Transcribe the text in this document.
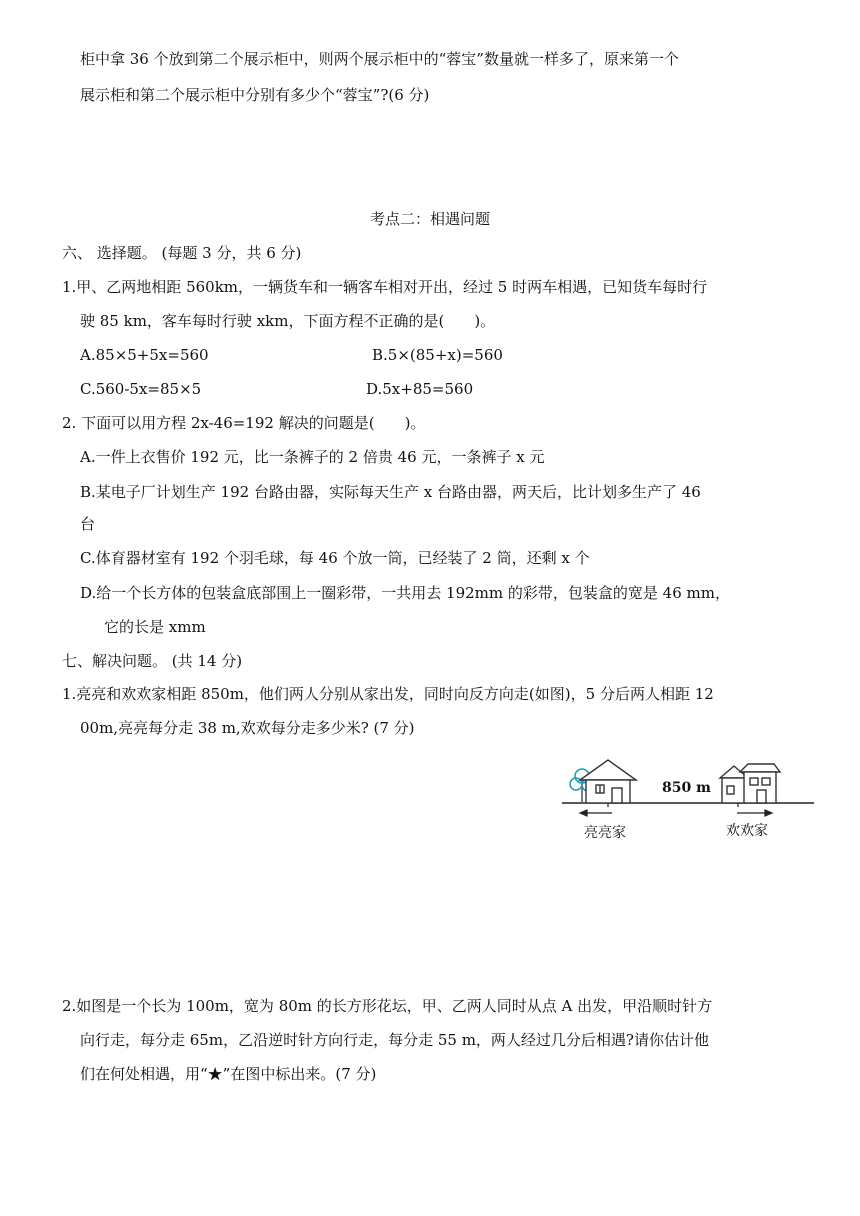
柜中拿 36 个放到第二个展示柜中，则两个展示柜中的“蓉宝”数量就一样多了，原来第一个
展示柜和第二个展示柜中分别有多少个“蓉宝”?(6 分)
考点二：相遇问题
六、 选择题。 (每题 3 分，共 6 分)
1.甲、乙两地相距 560km，一辆货车和一辆客车相对开出，经过 5 时两车相遇，已知货车每时行
驶 85 km，客车每时行驶 xkm，下面方程不正确的是(　　)。
A.85×5+5x=560	B.5×(85+x)=560
C.560-5x=85×5	D.5x+85=560
2. 下面可以用方程 2x-46=192 解决的问题是(　　)。
A.一件上衣售价 192 元，比一条裤子的 2 倍贵 46 元，一条裤子 x 元
B.某电子厂计划生产 192 台路由器，实际每天生产 x 台路由器，两天后，比计划多生产了 46
台
C.体育器材室有 192 个羽毛球，每 46 个放一筒，已经装了 2 筒，还剩 x 个
D.给一个长方体的包装盒底部围上一圈彩带，一共用去 192mm 的彩带，包装盒的宽是 46 mm，
它的长是 xmm
七、解决问题。 (共 14 分)
1.亮亮和欢欢家相距 850m，他们两人分别从家出发，同时向反方向走(如图)，5 分后两人相距 12
00m,亮亮每分走 38 m,欢欢每分走多少米? (7 分)
850 m
亮亮家	欢欢家
2.如图是一个长为 100m，宽为 80m 的长方形花坛，甲、乙两人同时从点 A 出发，甲沿顺时针方
向行走，每分走 65m，乙沿逆时针方向行走，每分走 55 m，两人经过几分后相遇?请你估计他
们在何处相遇，用“★”在图中标出来。(7 分)
